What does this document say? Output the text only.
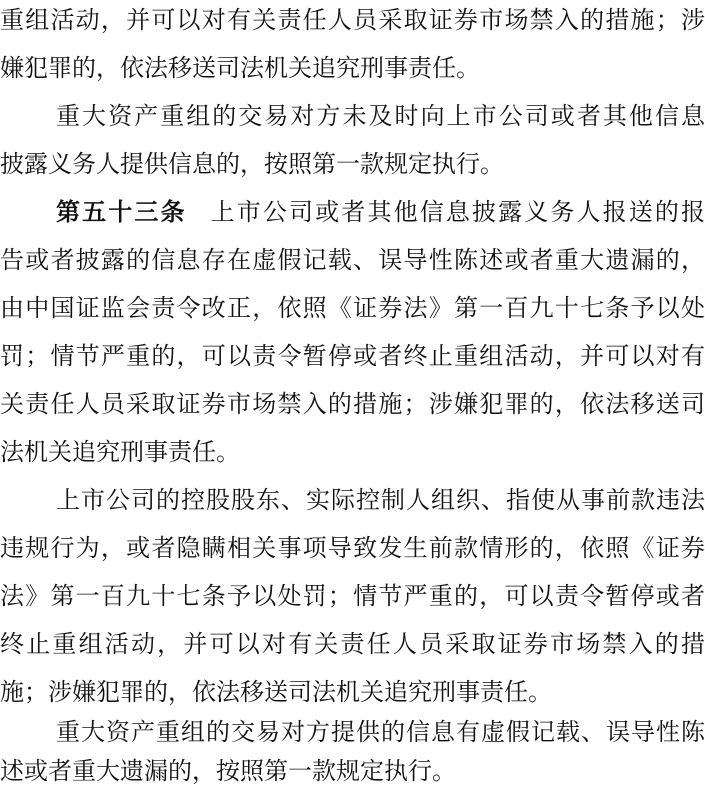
重组活动，并可以对有关责任人员采取证券市场禁入的措施；涉
嫌犯罪的，依法移送司法机关追究刑事责任。
重大资产重组的交易对方未及时向上市公司或者其他信息
披露义务人提供信息的，按照第一款规定执行。
第五十三条 上市公司或者其他信息披露义务人报送的报
告或者披露的信息存在虚假记载、误导性陈述或者重大遗漏的，
由中国证监会责令改正，依照《证券法》第一百九十七条予以处
罚；情节严重的，可以责令暂停或者终止重组活动，并可以对有
关责任人员采取证券市场禁入的措施；涉嫌犯罪的，依法移送司
法机关追究刑事责任。
上市公司的控股股东、实际控制人组织、指使从事前款违法
违规行为，或者隐瞒相关事项导致发生前款情形的，依照《证券
法》第一百九十七条予以处罚；情节严重的，可以责令暂停或者
终止重组活动，并可以对有关责任人员采取证券市场禁入的措
施；涉嫌犯罪的，依法移送司法机关追究刑事责任。
重大资产重组的交易对方提供的信息有虚假记载、误导性陈
述或者重大遗漏的，按照第一款规定执行。
